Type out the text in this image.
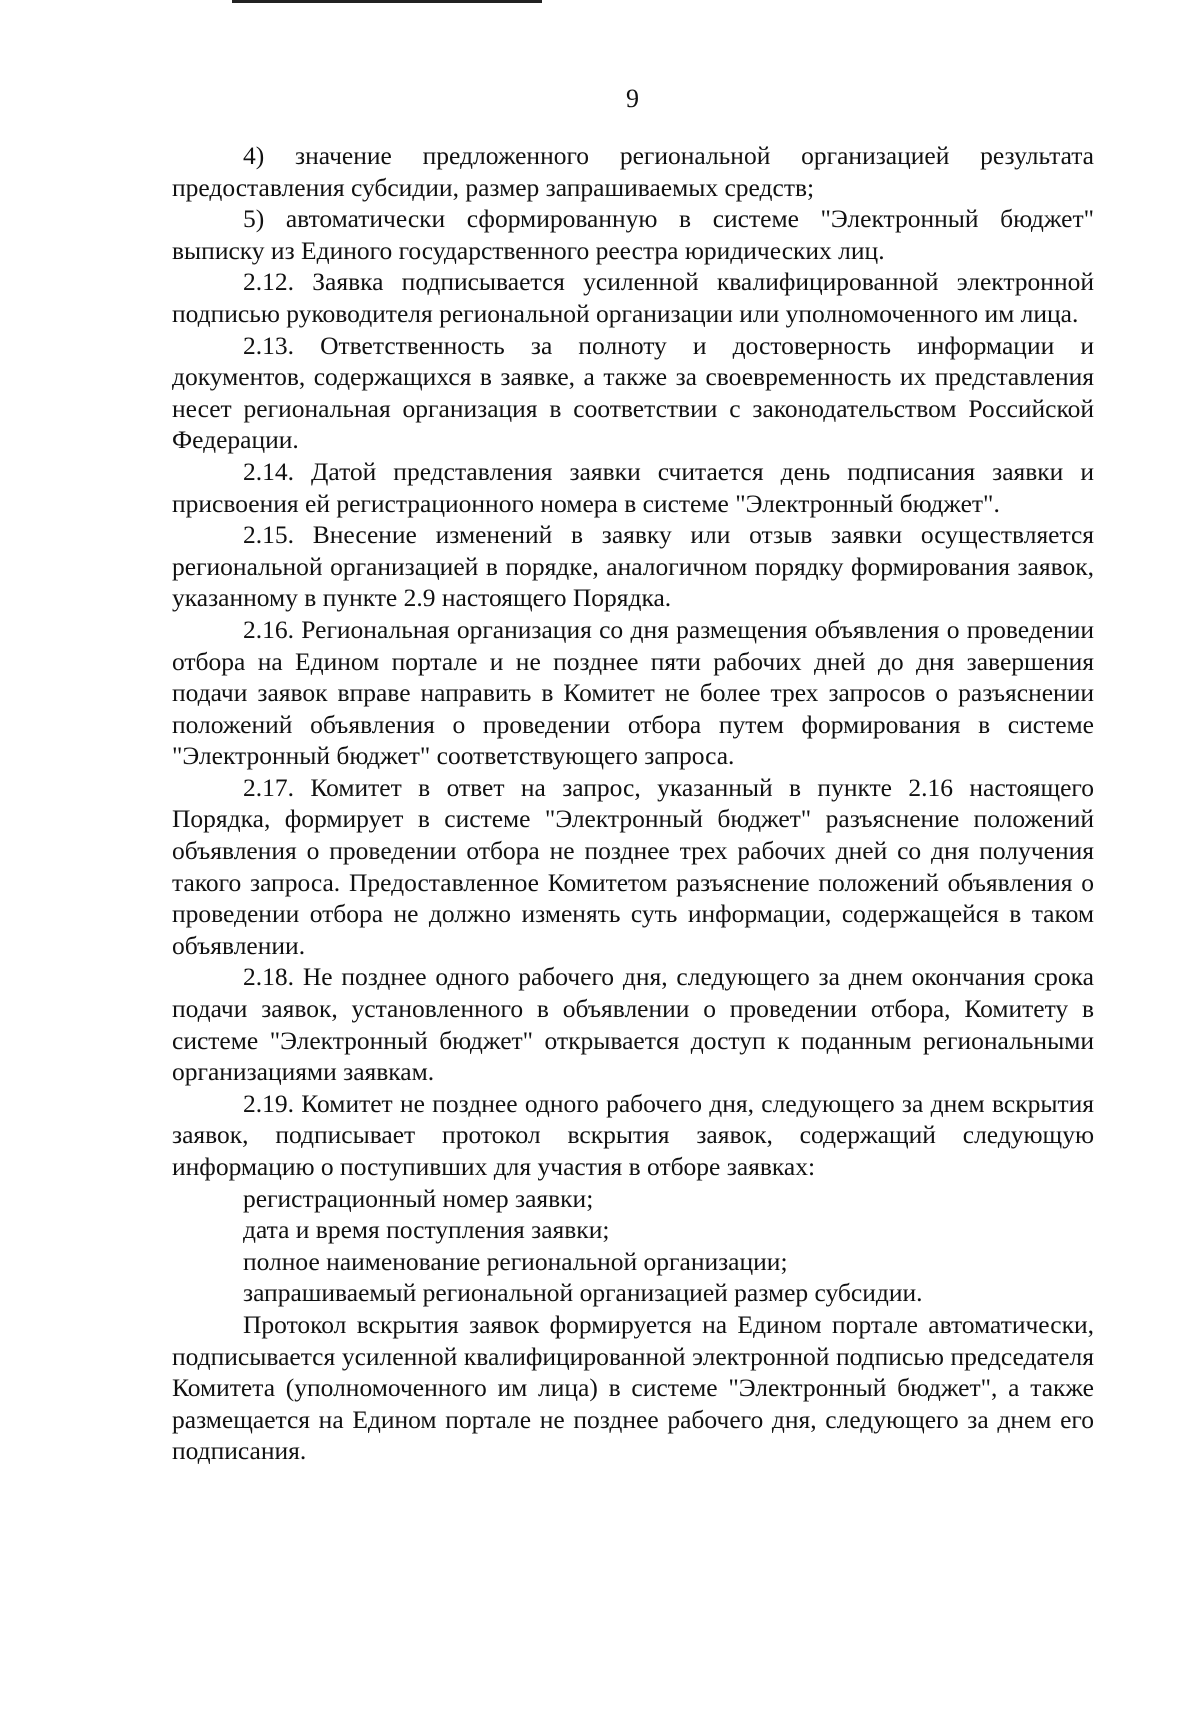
9

4) значение предложенного региональной организацией результата предоставления субсидии, размер запрашиваемых средств;

5) автоматически сформированную в системе "Электронный бюджет" выписку из Единого государственного реестра юридических лиц.

2.12. Заявка подписывается усиленной квалифицированной электронной подписью руководителя региональной организации или уполномоченного им лица.

2.13. Ответственность за полноту и достоверность информации и документов, содержащихся в заявке, а также за своевременность их представления несет региональная организация в соответствии с законодательством Российской Федерации.

2.14. Датой представления заявки считается день подписания заявки и присвоения ей регистрационного номера в системе "Электронный бюджет".

2.15. Внесение изменений в заявку или отзыв заявки осуществляется региональной организацией в порядке, аналогичном порядку формирования заявок, указанному в пункте 2.9 настоящего Порядка.

2.16. Региональная организация со дня размещения объявления о проведении отбора на Едином портале и не позднее пяти рабочих дней до дня завершения подачи заявок вправе направить в Комитет не более трех запросов о разъяснении положений объявления о проведении отбора путем формирования в системе "Электронный бюджет" соответствующего запроса.

2.17. Комитет в ответ на запрос, указанный в пункте 2.16 настоящего Порядка, формирует в системе "Электронный бюджет" разъяснение положений объявления о проведении отбора не позднее трех рабочих дней со дня получения такого запроса. Предоставленное Комитетом разъяснение положений объявления о проведении отбора не должно изменять суть информации, содержащейся в таком объявлении.

2.18. Не позднее одного рабочего дня, следующего за днем окончания срока подачи заявок, установленного в объявлении о проведении отбора, Комитету в системе "Электронный бюджет" открывается доступ к поданным региональными организациями заявкам.

2.19. Комитет не позднее одного рабочего дня, следующего за днем вскрытия заявок, подписывает протокол вскрытия заявок, содержащий следующую информацию о поступивших для участия в отборе заявках:

регистрационный номер заявки;

дата и время поступления заявки;

полное наименование региональной организации;

запрашиваемый региональной организацией размер субсидии.

Протокол вскрытия заявок формируется на Едином портале автоматически, подписывается усиленной квалифицированной электронной подписью председателя Комитета (уполномоченного им лица) в системе "Электронный бюджет", а также размещается на Едином портале не позднее рабочего дня, следующего за днем его подписания.
